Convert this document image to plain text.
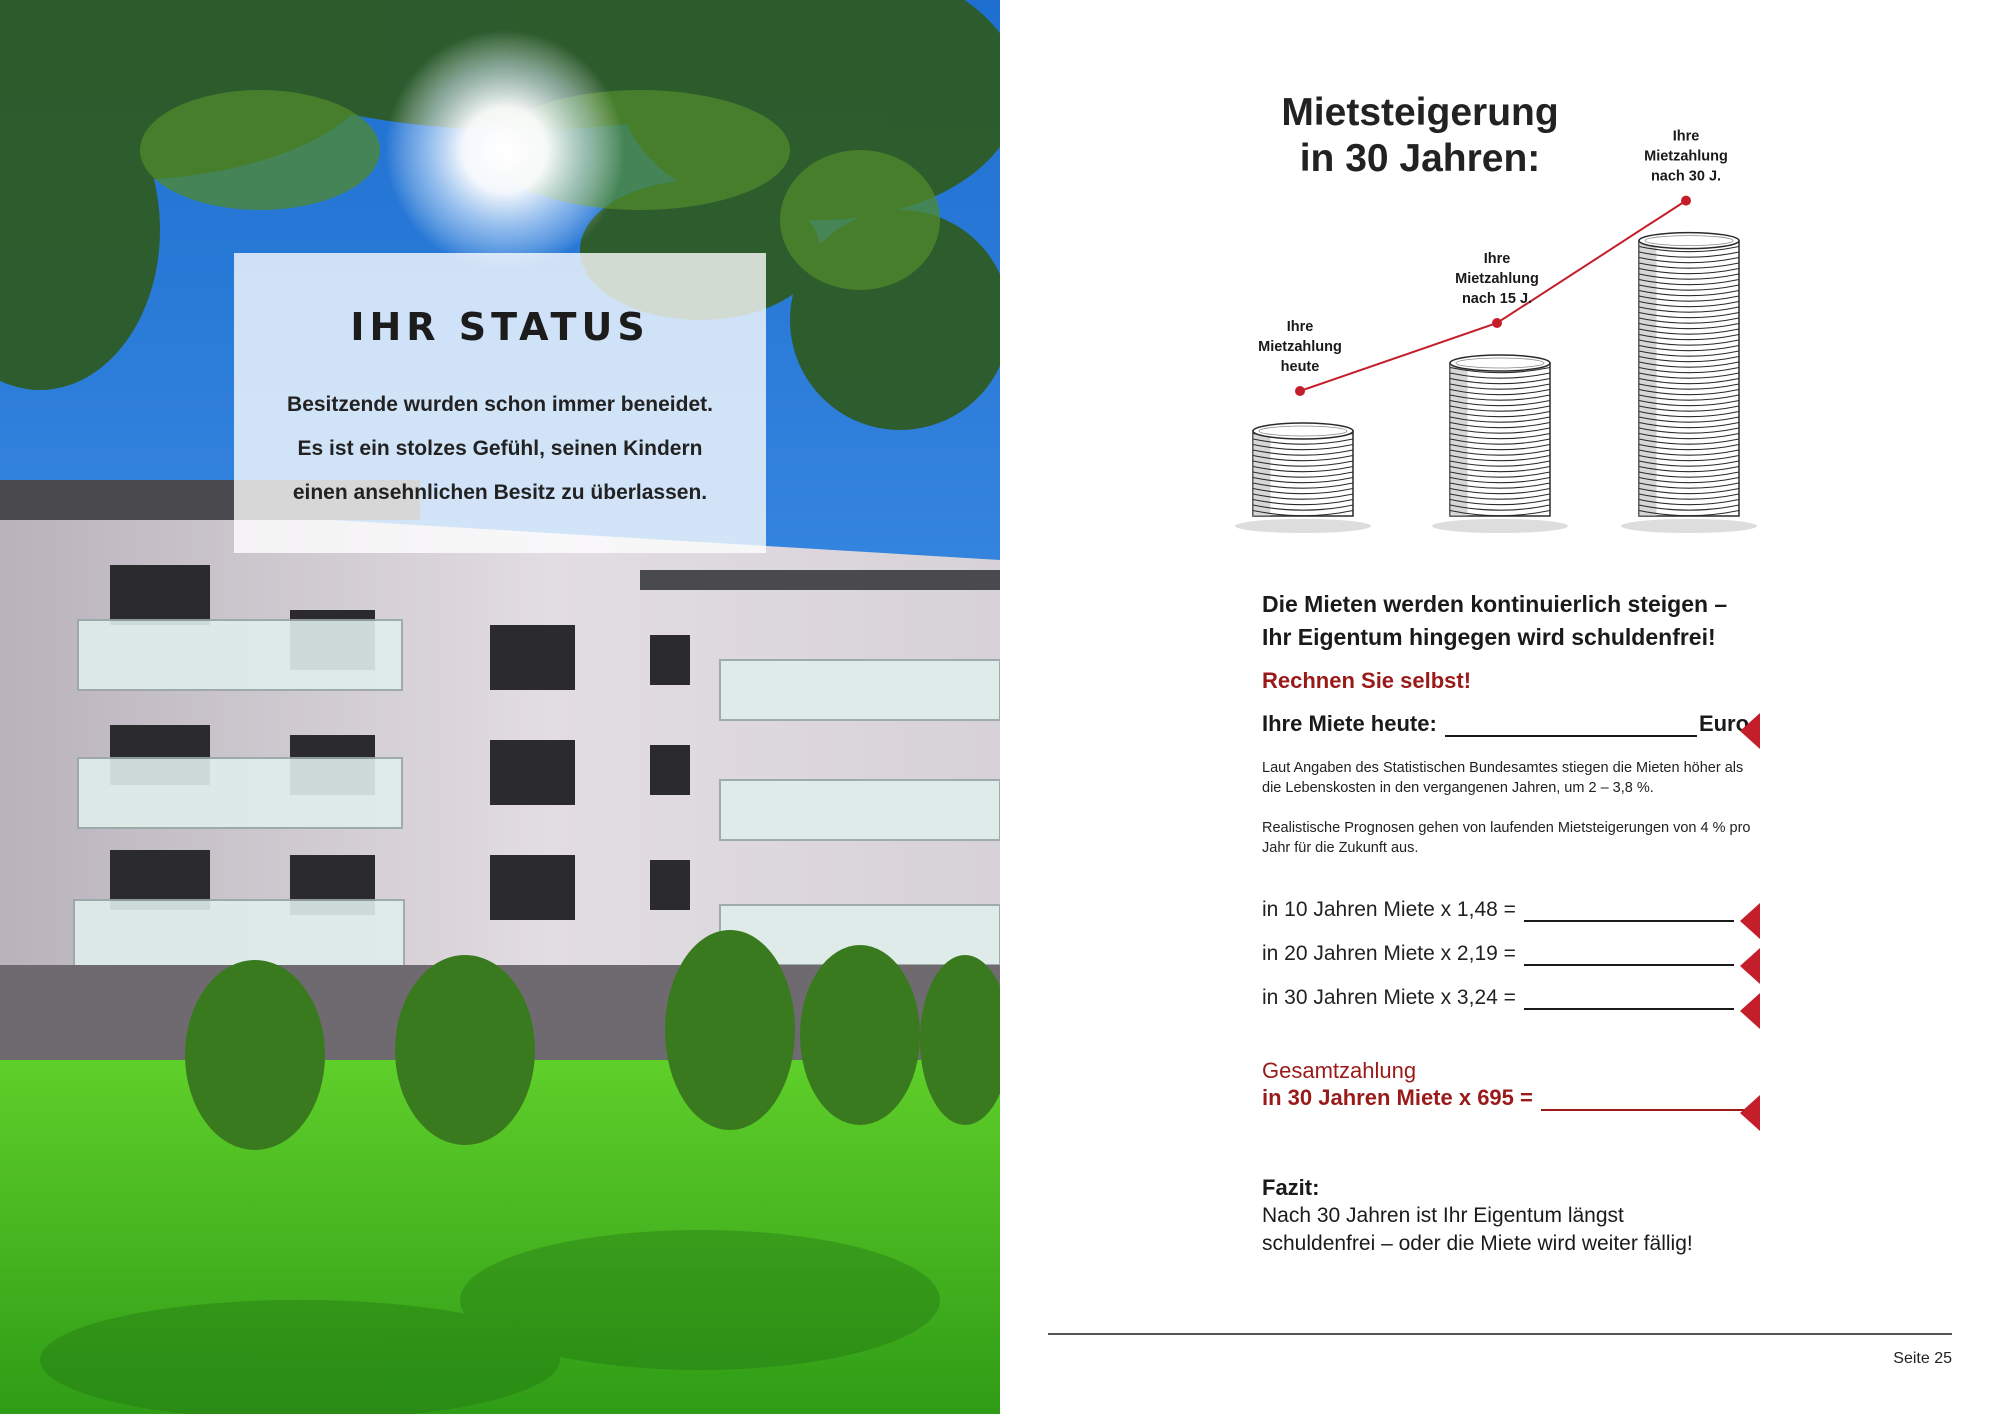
IHR STATUS
Besitzende wurden schon immer beneidet.
Es ist ein stolzes Gefühl, seinen Kindern
einen ansehnlichen Besitz zu überlassen.
Mietsteigerung
in 30 Jahren:
Ihre
Mietzahlung
heute
Ihre
Mietzahlung
nach 15 J.
Ihre
Mietzahlung
nach 30 J.
Die Mieten werden kontinuierlich steigen –
Ihr Eigentum hingegen wird schuldenfrei!
Rechnen Sie selbst!
Ihre Miete heute:	Euro
Laut Angaben des Statistischen Bundesamtes stiegen die Mieten höher als die Lebenskosten in den vergangenen Jahren, um 2 – 3,8 %.
Realistische Prognosen gehen von laufenden Mietsteigerungen von 4 % pro Jahr für die Zukunft aus.
in 10 Jahren Miete x 1,48 =
in 20 Jahren Miete x 2,19 =
in 30 Jahren Miete x 3,24 =
Gesamtzahlung
in 30 Jahren Miete x 695 =
Fazit:
Nach 30 Jahren ist Ihr Eigentum längst
schuldenfrei – oder die Miete wird weiter fällig!
Seite 25
